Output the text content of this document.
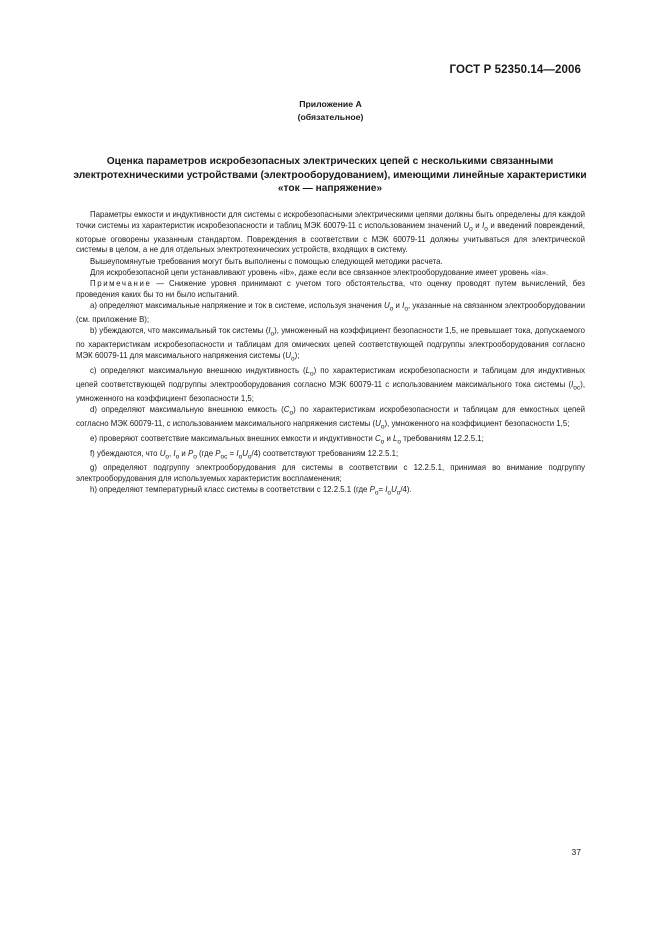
ГОСТ Р 52350.14—2006
Приложение А
(обязательное)
Оценка параметров искробезопасных электрических цепей с несколькими связанными электротехническими устройствами (электрооборудованием), имеющими линейные характеристики «ток — напряжение»

Параметры емкости и индуктивности для системы с искробезопасными электрическими цепями должны быть определены для каждой точки системы из характеристик искробезопасности и таблиц МЭК 60079-11 с использованием значений $U_о$ и $I_о$ и введений повреждений, которые оговорены указанным стандартом. Повреждения в соответствии с МЭК 60079-11 должны учитываться для электрической системы в целом, а не для отдельных электротехнических устройств, входящих в систему.

Вышеупомянутые требования могут быть выполнены с помощью следующей методики расчета.

Для искробезопасной цепи устанавливают уровень «ib», даже если все связанное электрооборудование имеет уровень «ia».

Примечание — Снижение уровня принимают с учетом того обстоятельства, что оценку проводят путем вычислений, без проведения каких бы то ни было испытаний.

a) определяют максимальные напряжение и ток в системе, используя значения $U_о$ и $I_о$, указанные на связанном электрооборудовании (см. приложение В);

b) убеждаются, что максимальный ток системы $(I_о)$, умноженный на коэффициент безопасности 1,5, не превышает тока, допускаемого по характеристикам искробезопасности и таблицам для омических цепей соответствующей подгруппы электрооборудования согласно МЭК 60079-11 для максимального напряжения системы $(U_о)$;

c) определяют максимальную внешнюю индуктивность $(L_о)$ по характеристикам искробезопасности и таблицам для индуктивных цепей соответствующей подгруппы электрооборудования согласно МЭК 60079-11 с использованием максимального тока системы $(I_{ос})$, умноженного на коэффициент безопасности 1,5;

d) определяют максимальную внешнюю емкость $(C_о)$ по характеристикам искробезопасности и таблицам для емкостных цепей согласно МЭК 60079-11, с использованием максимального напряжения системы $(U_о)$, умноженного на коэффициент безопасности 1,5;

e) проверяют соответствие максимальных внешних емкости и индуктивности $C_о$ и $L_о$ требованиям 12.2.5.1;

f) убеждаются, что $U_о$, $I_о$ и $P_о$ (где $P_{ос} = I_оU_о/4$) соответствуют требованиям 12.2.5.1;

g) определяют подгруппу электрооборудования для системы в соответствии с 12.2.5.1, принимая во внимание подгруппу электрооборудования для используемых характеристик воспламенения;

h) определяют температурный класс системы в соответствии с 12.2.5.1 (где $P_о= I_оU_о/4$).

37
